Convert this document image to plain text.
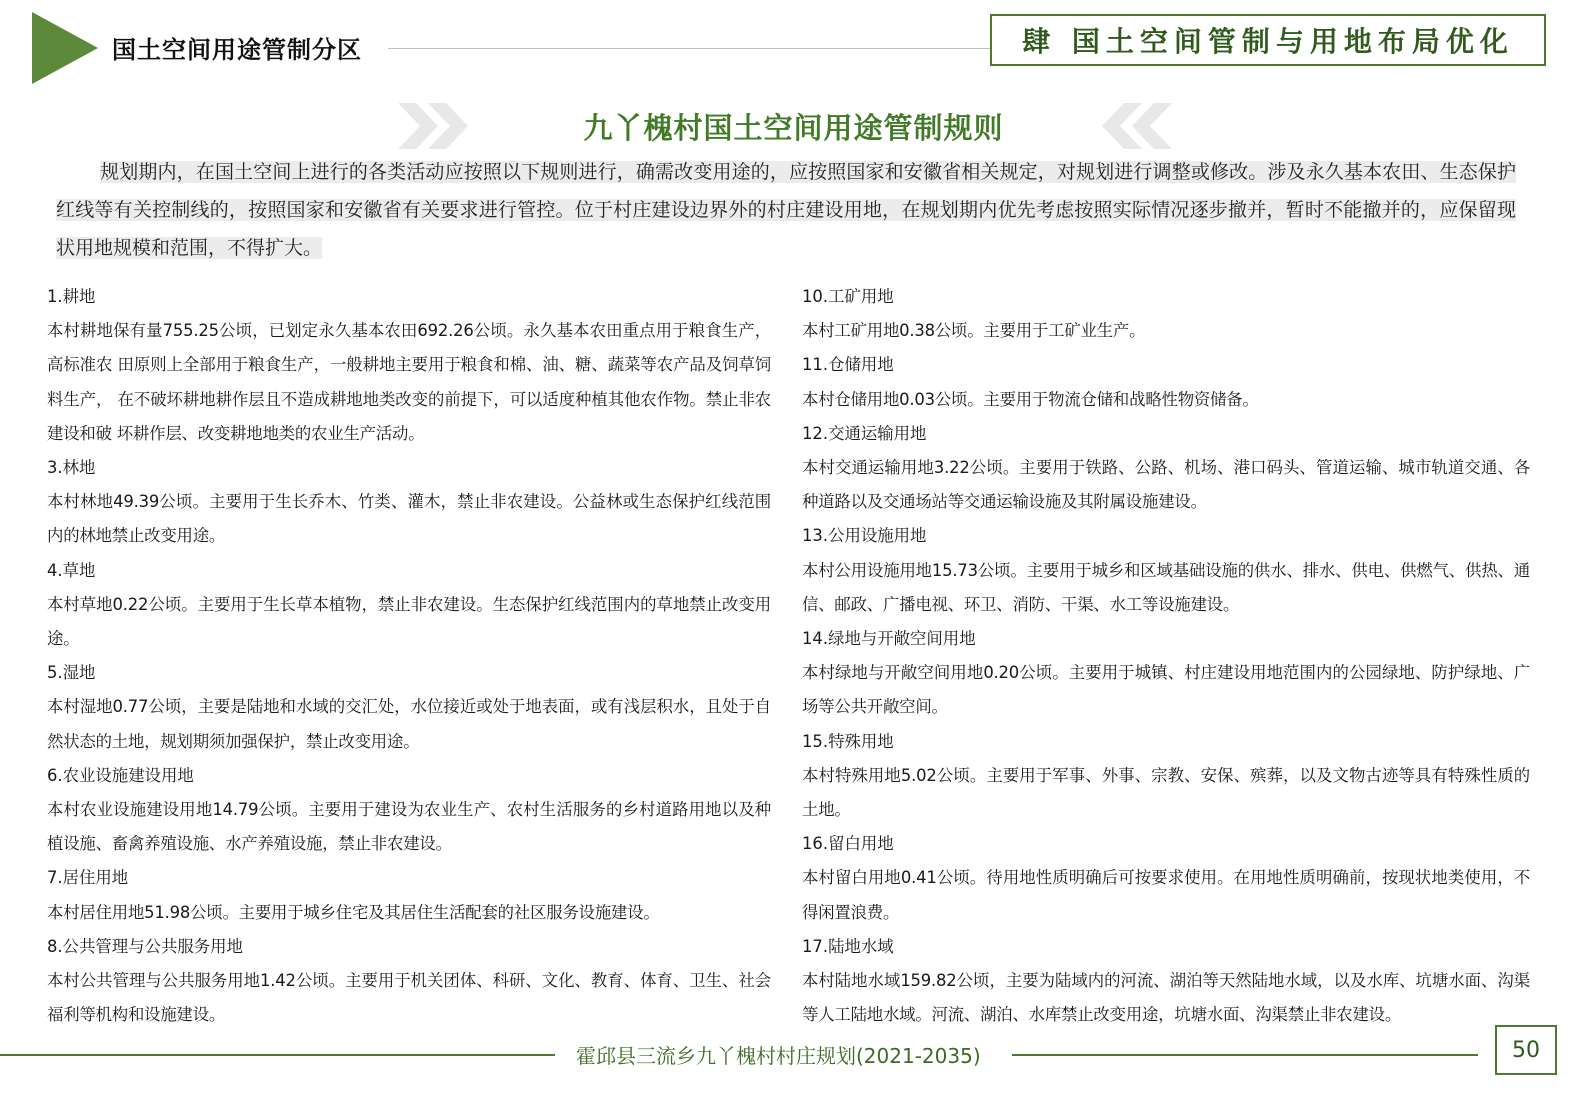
国土空间用途管制分区	肆 国土空间管制与用地布局优化
九丫槐村国土空间用途管制规则
规划期内，在国土空间上进行的各类活动应按照以下规则进行，确需改变用途的，应按照国家和安徽省相关规定，对规划进行调整或修改。涉及永久基本农田、生态保护红线等有关控制线的，按照国家和安徽省有关要求进行管控。位于村庄建设边界外的村庄建设用地，在规划期内优先考虑按照实际情况逐步撤并，暂时不能撤并的，应保留现状用地规模和范围，不得扩大。

1.耕地

本村耕地保有量755.25公顷，已划定永久基本农田692.26公顷。永久基本农田重点用于粮食生产，高标准农 田原则上全部用于粮食生产，一般耕地主要用于粮食和棉、油、糖、蔬菜等农产品及饲草饲料生产， 在不破坏耕地耕作层且不造成耕地地类改变的前提下，可以适度种植其他农作物。禁止非农建设和破 坏耕作层、改变耕地地类的农业生产活动。

3.林地

本村林地49.39公顷。主要用于生长乔木、竹类、灌木，禁止非农建设。公益林或生态保护红线范围内的林地禁止改变用途。

4.草地

本村草地0.22公顷。主要用于生长草本植物，禁止非农建设。生态保护红线范围内的草地禁止改变用途。

5.湿地

本村湿地0.77公顷，主要是陆地和水域的交汇处，水位接近或处于地表面，或有浅层积水，且处于自然状态的土地，规划期须加强保护，禁止改变用途。

6.农业设施建设用地

本村农业设施建设用地14.79公顷。主要用于建设为农业生产、农村生活服务的乡村道路用地以及种植设施、畜禽养殖设施、水产养殖设施，禁止非农建设。

7.居住用地

本村居住用地51.98公顷。主要用于城乡住宅及其居住生活配套的社区服务设施建设。

8.公共管理与公共服务用地

本村公共管理与公共服务用地1.42公顷。主要用于机关团体、科研、文化、教育、体育、卫生、社会福利等机构和设施建设。

10.工矿用地

本村工矿用地0.38公顷。主要用于工矿业生产。

11.仓储用地

本村仓储用地0.03公顷。主要用于物流仓储和战略性物资储备。

12.交通运输用地

本村交通运输用地3.22公顷。主要用于铁路、公路、机场、港口码头、管道运输、城市轨道交通、各种道路以及交通场站等交通运输设施及其附属设施建设。

13.公用设施用地

本村公用设施用地15.73公顷。主要用于城乡和区域基础设施的供水、排水、供电、供燃气、供热、通 信、邮政、广播电视、环卫、消防、干渠、水工等设施建设。

14.绿地与开敞空间用地

本村绿地与开敞空间用地0.20公顷。主要用于城镇、村庄建设用地范围内的公园绿地、防护绿地、广场等公共开敞空间。

15.特殊用地

本村特殊用地5.02公顷。主要用于军事、外事、宗教、安保、殡葬，以及文物古迹等具有特殊性质的土地。

16.留白用地

本村留白用地0.41公顷。待用地性质明确后可按要求使用。在用地性质明确前，按现状地类使用，不得闲置浪费。

17.陆地水域

本村陆地水域159.82公顷，主要为陆域内的河流、湖泊等天然陆地水域，以及水库、坑塘水面、沟渠等人工陆地水域。河流、湖泊、水库禁止改变用途，坑塘水面、沟渠禁止非农建设。

霍邱县三流乡九丫槐村村庄规划(2021-2035)	50
